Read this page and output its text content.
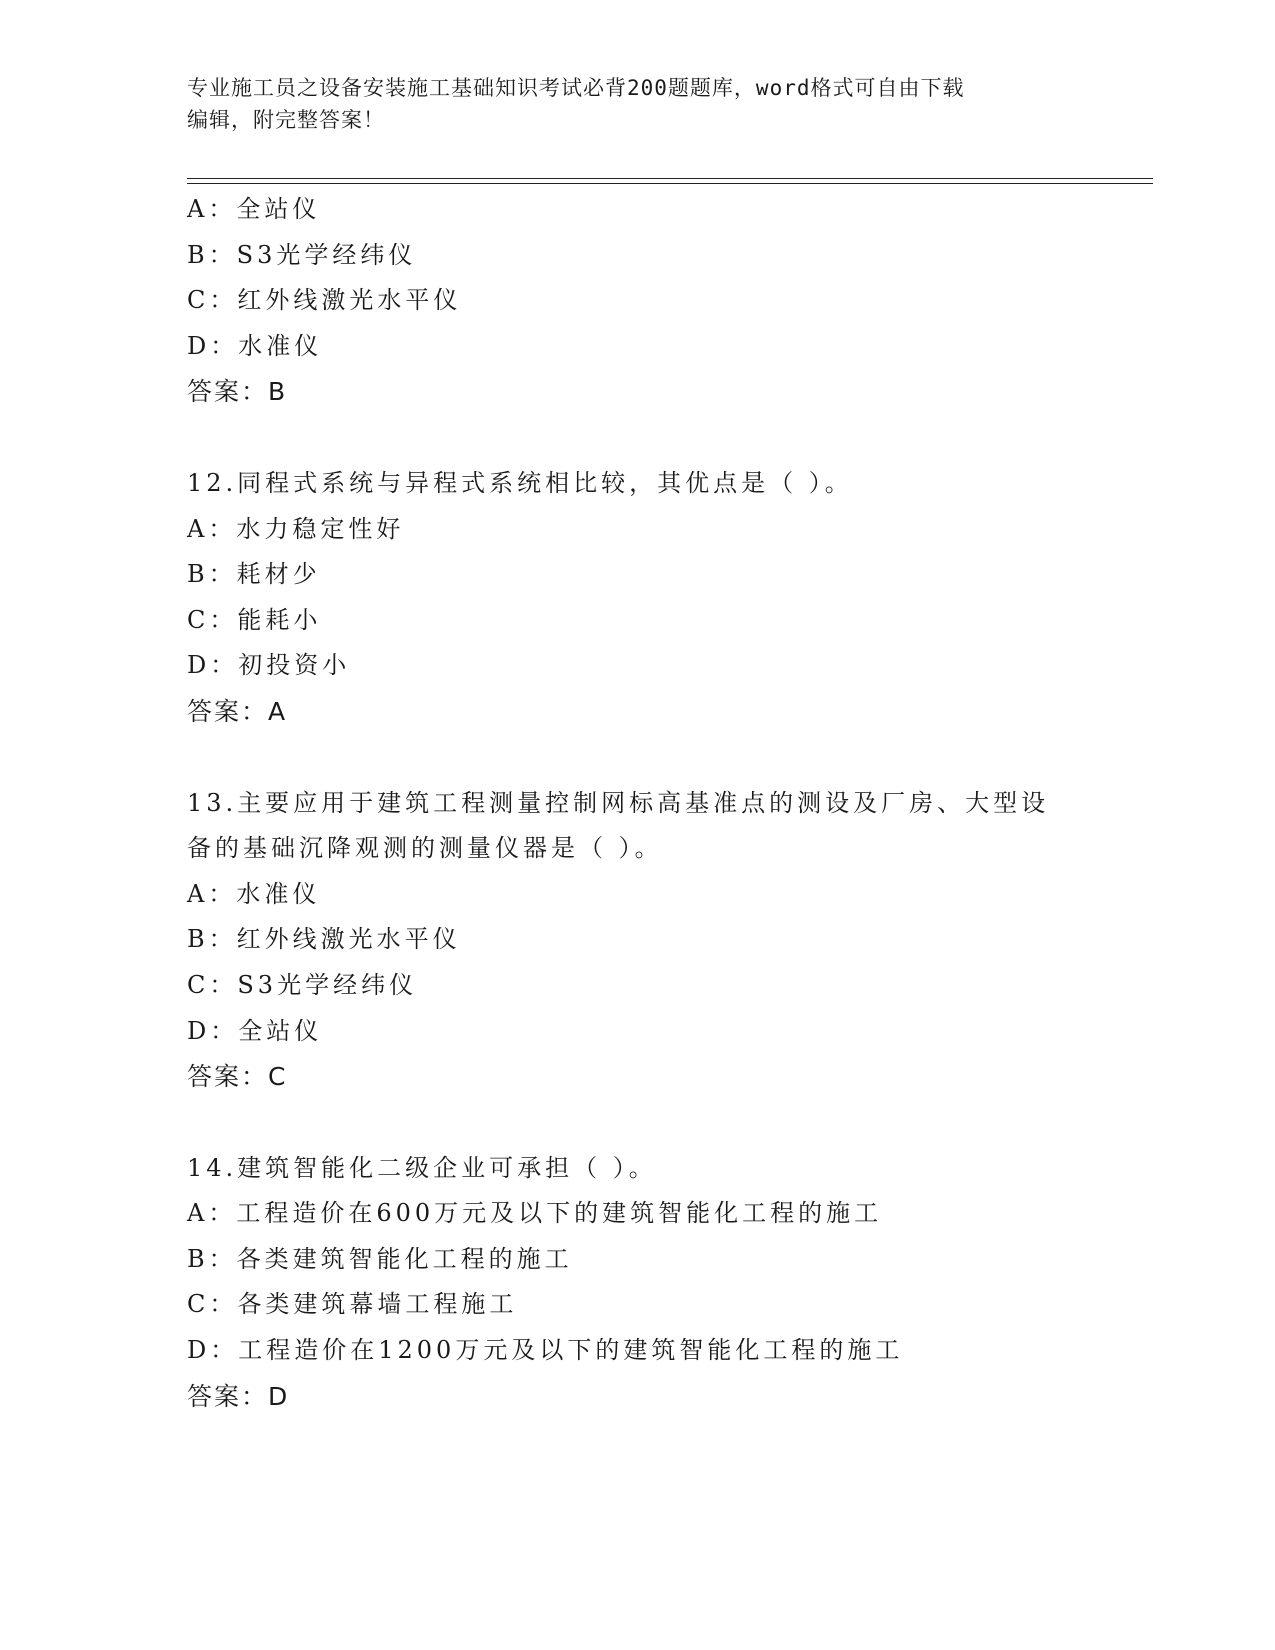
专业施工员之设备安装施工基础知识考试必背200题题库，word格式可自由下载
编辑，附完整答案！
A：全站仪
B：S3光学经纬仪
C：红外线激光水平仪
D：水准仪
答案：B
12.同程式系统与异程式系统相比较，其优点是（ ）。
A：水力稳定性好
B：耗材少
C：能耗小
D：初投资小
答案：A
13.主要应用于建筑工程测量控制网标高基准点的测设及厂房、大型设
备的基础沉降观测的测量仪器是（ ）。
A：水准仪
B：红外线激光水平仪
C：S3光学经纬仪
D：全站仪
答案：C
14.建筑智能化二级企业可承担（ ）。
A：工程造价在600万元及以下的建筑智能化工程的施工
B：各类建筑智能化工程的施工
C：各类建筑幕墙工程施工
D：工程造价在1200万元及以下的建筑智能化工程的施工
答案：D
